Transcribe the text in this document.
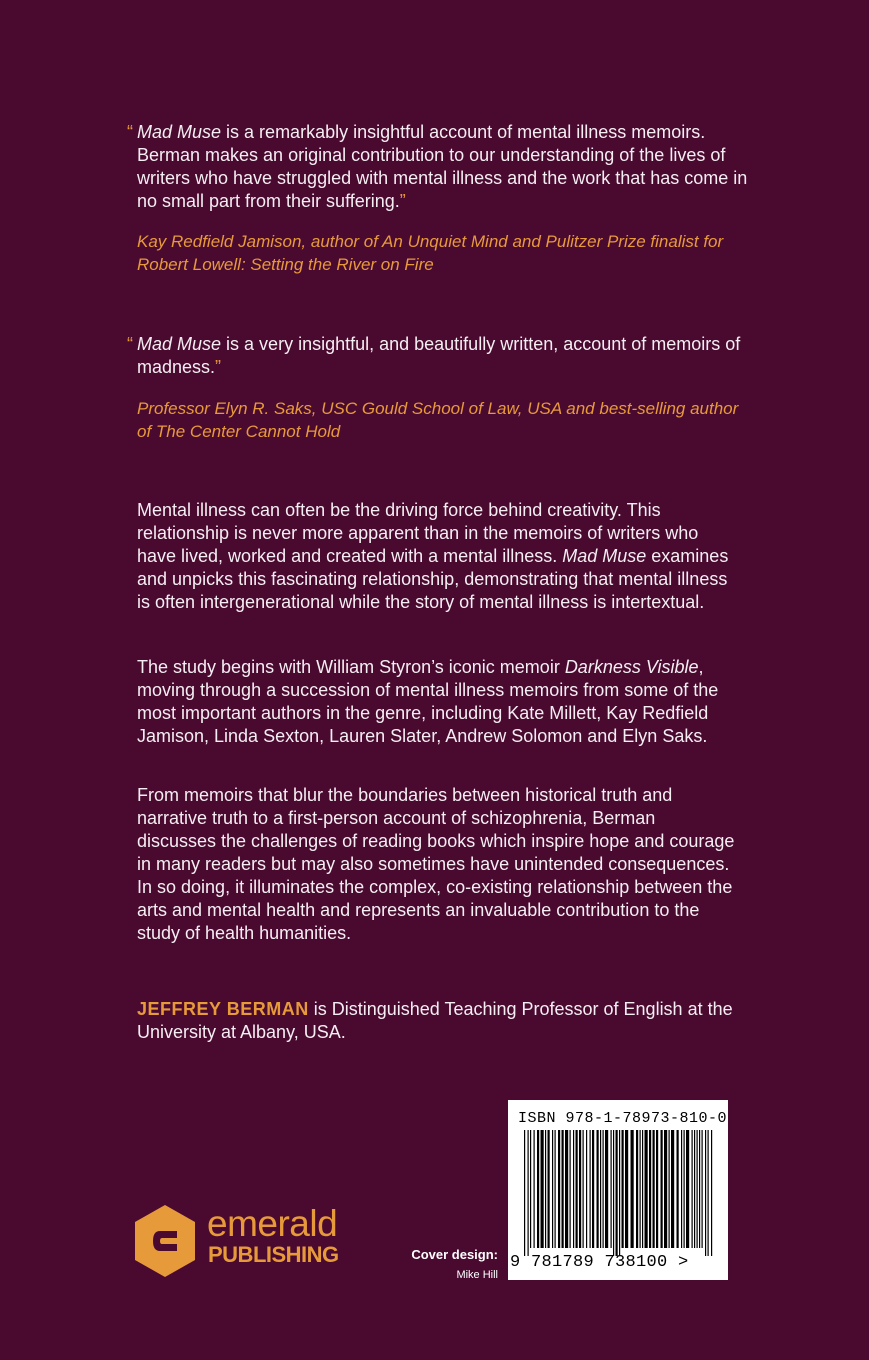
“ Mad Muse is a remarkably insightful account of mental illness memoirs. Berman makes an original contribution to our understanding of the lives of writers who have struggled with mental illness and the work that has come in no small part from their suffering.”
Kay Redfield Jamison, author of An Unquiet Mind and Pulitzer Prize finalist for Robert Lowell: Setting the River on Fire
“ Mad Muse is a very insightful, and beautifully written, account of memoirs of madness.”
Professor Elyn R. Saks, USC Gould School of Law, USA and best-selling author of The Center Cannot Hold
Mental illness can often be the driving force behind creativity. This relationship is never more apparent than in the memoirs of writers who have lived, worked and created with a mental illness. Mad Muse examines and unpicks this fascinating relationship, demonstrating that mental illness is often intergenerational while the story of mental illness is intertextual.
The study begins with William Styron’s iconic memoir Darkness Visible, moving through a succession of mental illness memoirs from some of the most important authors in the genre, including Kate Millett, Kay Redfield Jamison, Linda Sexton, Lauren Slater, Andrew Solomon and Elyn Saks.
From memoirs that blur the boundaries between historical truth and narrative truth to a first-person account of schizophrenia, Berman discusses the challenges of reading books which inspire hope and courage in many readers but may also sometimes have unintended consequences. In so doing, it illuminates the complex, co-existing relationship between the arts and mental health and represents an invaluable contribution to the study of health humanities.
JEFFREY BERMAN is Distinguished Teaching Professor of English at the University at Albany, USA.
emerald
PUBLISHING	Cover design:
Mike Hill
ISBN 978-1-78973-810-0
9 781789 738100 >
